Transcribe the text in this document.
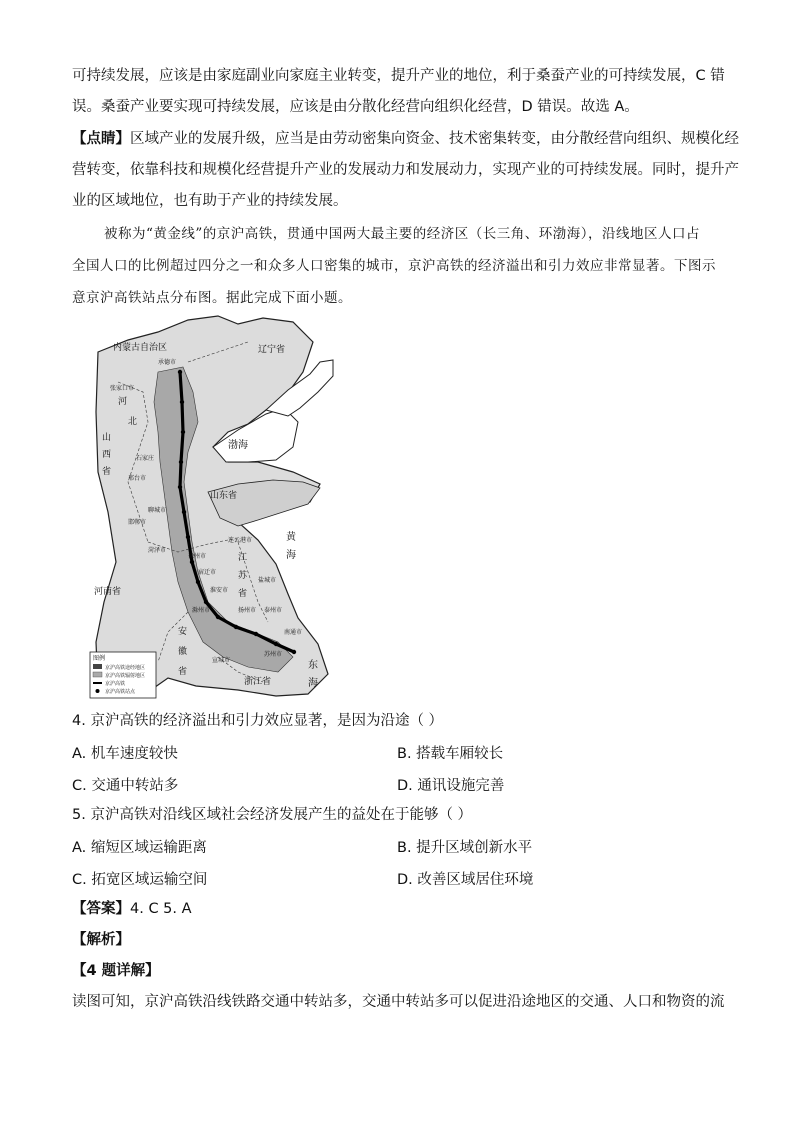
可持续发展，应该是由家庭副业向家庭主业转变，提升产业的地位，利于桑蚕产业的可持续发展，C 错
误。桑蚕产业要实现可持续发展，应该是由分散化经营向组织化经营，D 错误。故选 A。
【点睛】区域产业的发展升级，应当是由劳动密集向资金、技术密集转变，由分散经营向组织、规模化经
营转变，依靠科技和规模化经营提升产业的发展动力和发展动力，实现产业的可持续发展。同时，提升产
业的区域地位，也有助于产业的持续发展。
被称为“黄金线”的京沪高铁，贯通中国两大最主要的经济区（长三角、环渤海），沿线地区人口占
全国人口的比例超过四分之一和众多人口密集的城市，京沪高铁的经济溢出和引力效应非常显著。下图示
意京沪高铁站点分布图。据此完成下面小题。
内蒙古自治区	辽宁省
河
北
山
西
省
河南省
山东省
江
苏
省
安
徽
省
浙江省
渤海
黄
海
东
海
承德市
张家口市
石家庄
邢台市
聊城市
邯郸市
菏泽市
徐州市
连云港市
宿迁市
淮安市
盐城市
扬州市 泰州市
滁州市
南通市
苏州市
宣城市
图例
京沪高铁途经地区
京沪高铁辐射地区
京沪高铁
京沪高铁站点
4. 京沪高铁的经济溢出和引力效应显著，是因为沿途（ ）
A. 机车速度较快	B. 搭载车厢较长
C. 交通中转站多	D. 通讯设施完善
5. 京沪高铁对沿线区域社会经济发展产生的益处在于能够（ ）
A. 缩短区域运输距离	B. 提升区域创新水平
C. 拓宽区域运输空间	D. 改善区域居住环境
【答案】4. C 5. A
【解析】
【4 题详解】
读图可知，京沪高铁沿线铁路交通中转站多，交通中转站多可以促进沿途地区的交通、人口和物资的流
